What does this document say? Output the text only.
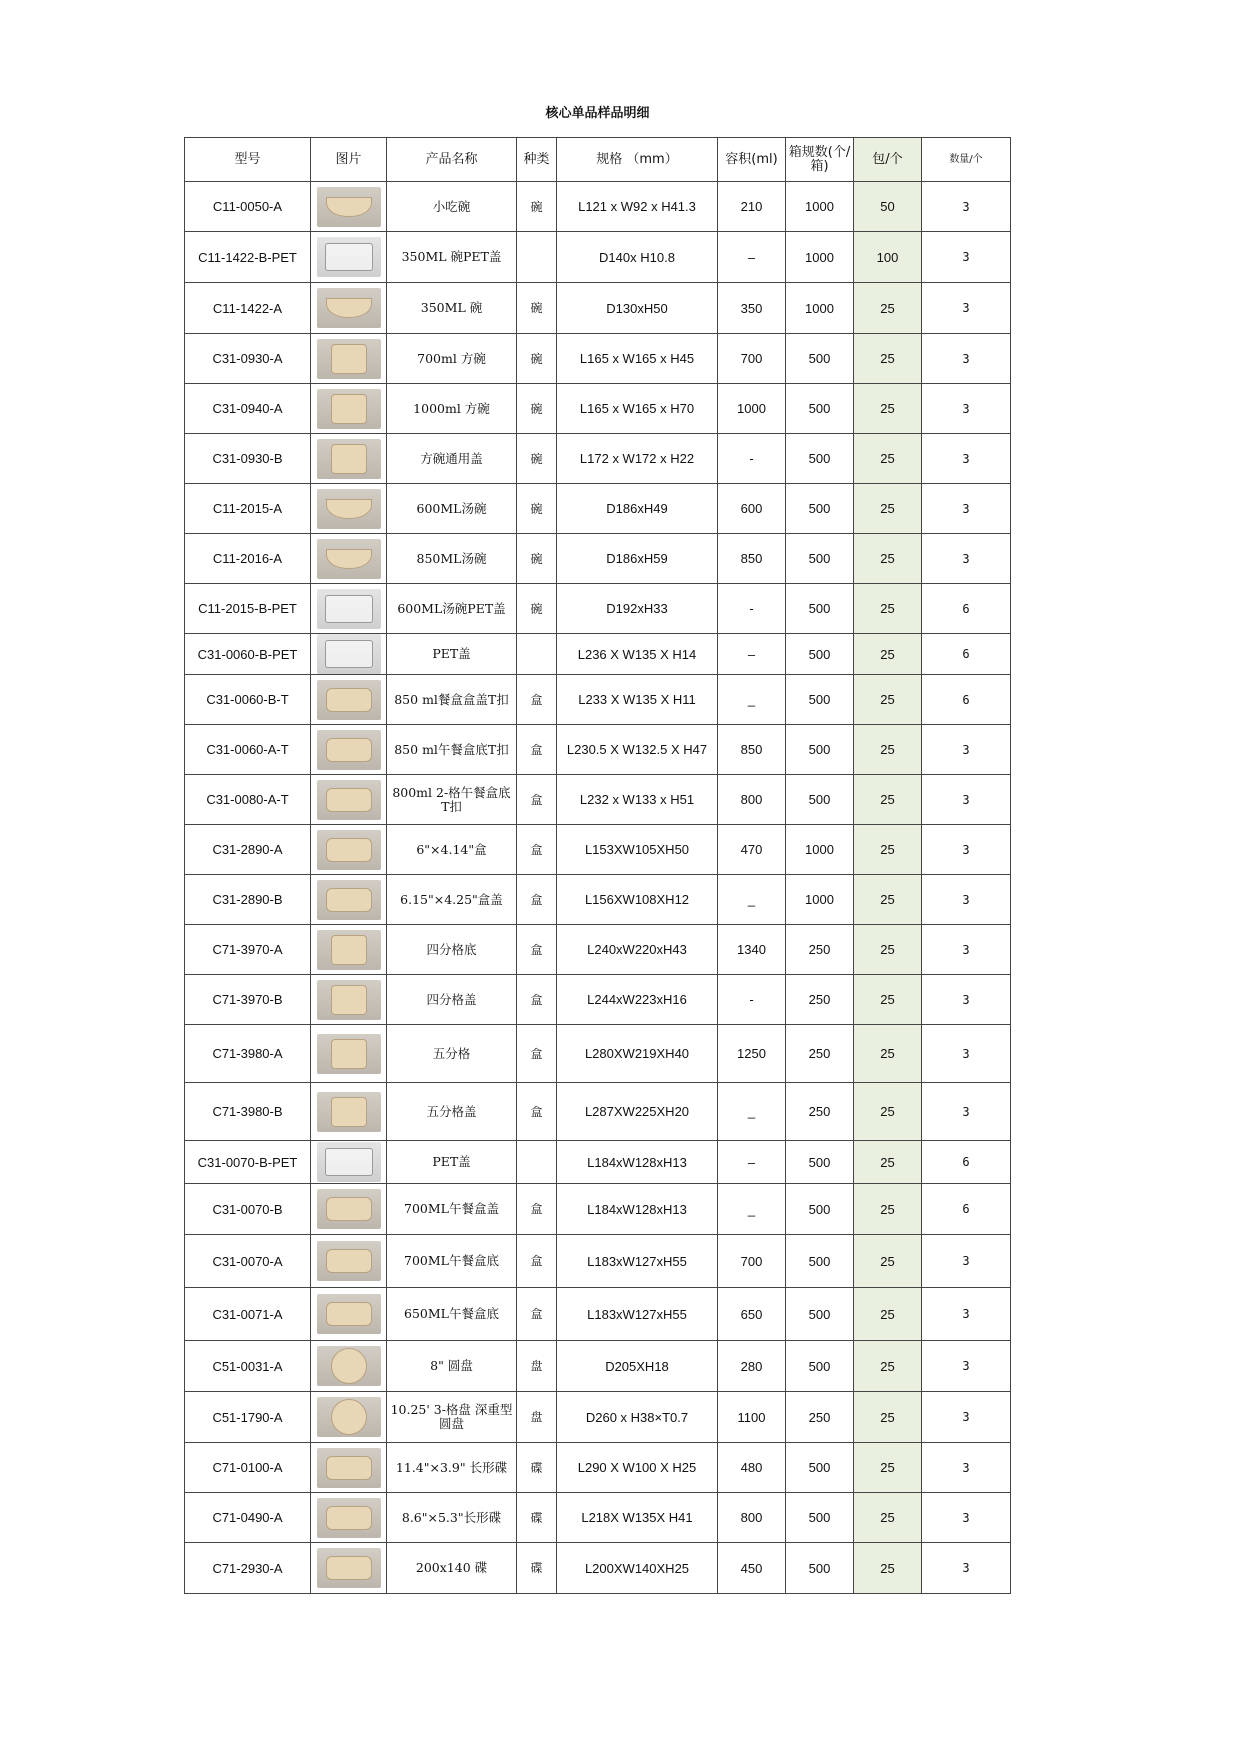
核心单品样品明细
型号	图片	产品名称	种类	规格 （mm）	容积(ml)	箱规数(个/箱)	包/个	数量/个
C11-0050-A		小吃碗	碗	L121 x W92 x H41.3	210	1000	50	3
C11-1422-B-PET		350ML 碗PET盖		D140x H10.8	–	1000	100	3
C11-1422-A		350ML 碗	碗	D130xH50	350	1000	25	3
C31-0930-A		700ml 方碗	碗	L165 x W165 x H45	700	500	25	3
C31-0940-A		1000ml 方碗	碗	L165 x W165 x H70	1000	500	25	3
C31-0930-B		方碗通用盖	碗	L172 x W172 x H22	-	500	25	3
C11-2015-A		600ML汤碗	碗	D186xH49	600	500	25	3
C11-2016-A		850ML汤碗	碗	D186xH59	850	500	25	3
C11-2015-B-PET		600ML汤碗PET盖	碗	D192xH33	-	500	25	6
C31-0060-B-PET		PET盖		L236 X W135 X H14	–	500	25	6
C31-0060-B-T		850 ml餐盒盒盖T扣	盒	L233 X W135 X H11	_	500	25	6
C31-0060-A-T		850 ml午餐盒底T扣	盒	L230.5 X W132.5 X H47	850	500	25	3
C31-0080-A-T		800ml 2-格午餐盒底T扣	盒	L232 x W133 x H51	800	500	25	3
C31-2890-A		6"×4.14"盒	盒	L153XW105XH50	470	1000	25	3
C31-2890-B		6.15"×4.25"盒盖	盒	L156XW108XH12	_	1000	25	3
C71-3970-A		四分格底	盒	L240xW220xH43	1340	250	25	3
C71-3970-B		四分格盖	盒	L244xW223xH16	-	250	25	3
C71-3980-A		五分格	盒	L280XW219XH40	1250	250	25	3
C71-3980-B		五分格盖	盒	L287XW225XH20	_	250	25	3
C31-0070-B-PET		PET盖		L184xW128xH13	–	500	25	6
C31-0070-B		700ML午餐盒盖	盒	L184xW128xH13	_	500	25	6
C31-0070-A		700ML午餐盒底	盒	L183xW127xH55	700	500	25	3
C31-0071-A		650ML午餐盒底	盒	L183xW127xH55	650	500	25	3
C51-0031-A		8" 圆盘	盘	D205XH18	280	500	25	3
C51-1790-A		10.25' 3-格盘 深重型圆盘	盘	D260 x H38×T0.7	1100	250	25	3
C71-0100-A		11.4"×3.9" 长形碟	碟	L290 X W100 X H25	480	500	25	3
C71-0490-A		8.6"×5.3"长形碟	碟	L218X W135X H41	800	500	25	3
C71-2930-A		200x140 碟	碟	L200XW140XH25	450	500	25	3
